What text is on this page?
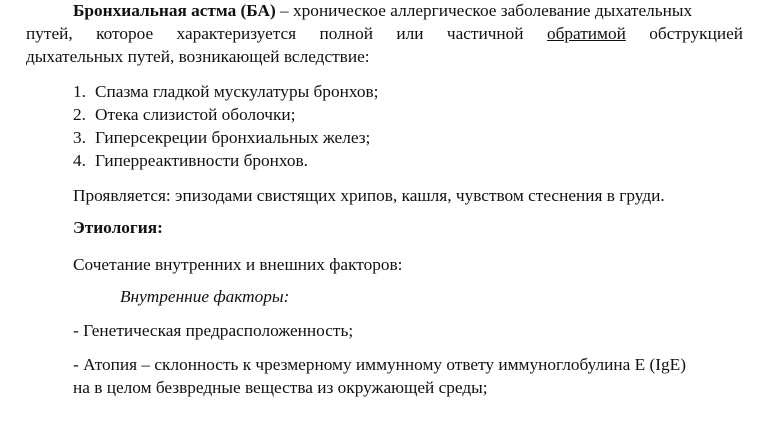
Бронхиальная астма (БА) – хроническое аллергическое заболевание дыхательных
путей, которое характеризуется полной или частичной обратимой обструкцией
дыхательных путей, возникающей вследствие:
1. Спазма гладкой мускулатуры бронхов;
2. Отека слизистой оболочки;
3. Гиперсекреции бронхиальных желез;
4. Гиперреактивности бронхов.
Проявляется: эпизодами свистящих хрипов, кашля, чувством стеснения в груди.
Этиология:
Сочетание внутренних и внешних факторов:
Внутренние факторы:
- Генетическая предрасположенность;
- Атопия – склонность к чрезмерному иммунному ответу иммуноглобулина Е (IgE)
на в целом безвредные вещества из окружающей среды;
